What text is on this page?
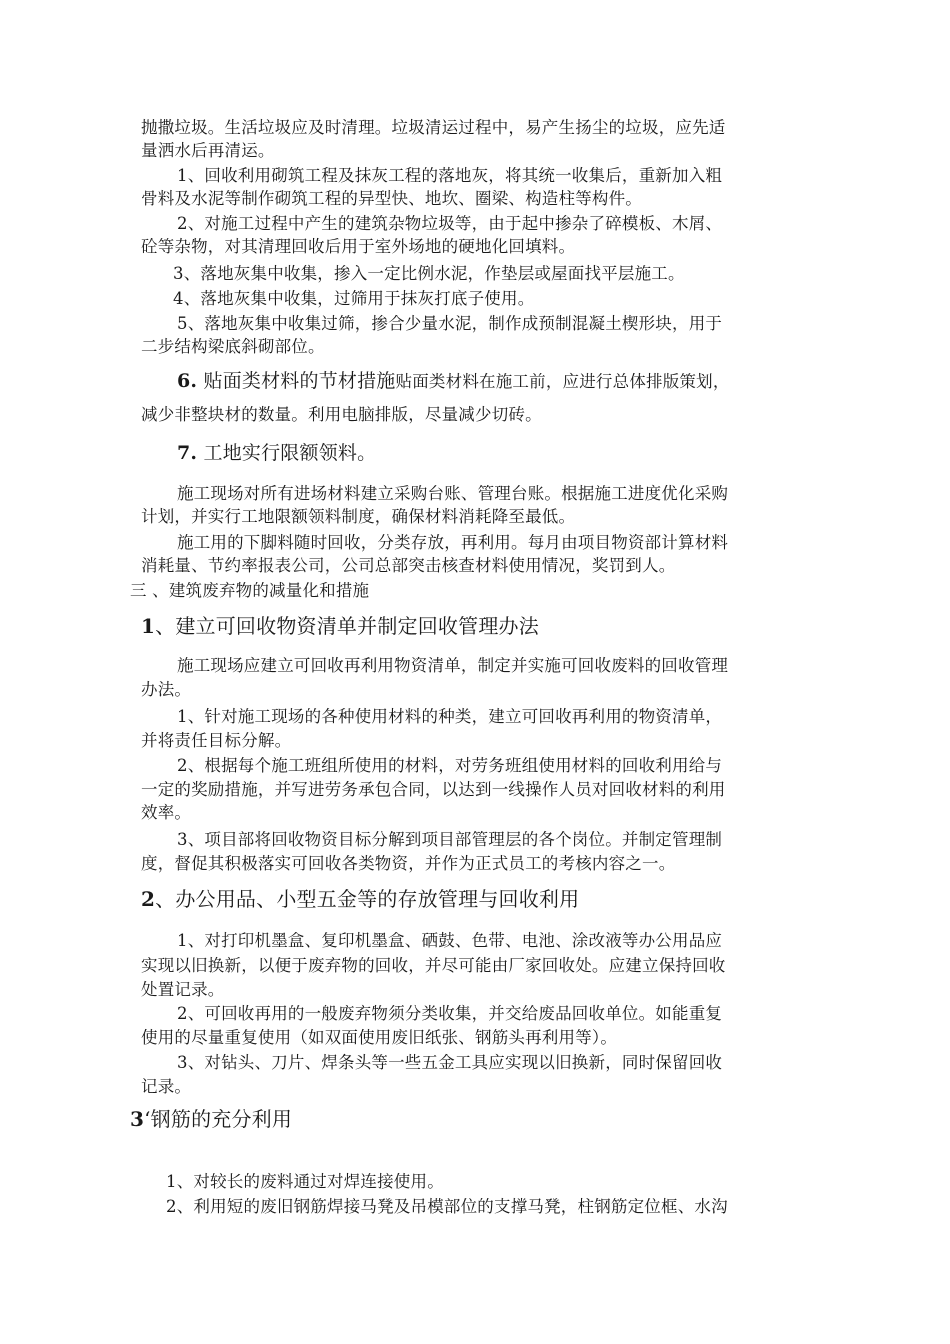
抛撒垃圾。生活垃圾应及时清理。垃圾清运过程中，易产生扬尘的垃圾，应先适
量洒水后再清运。
1、回收利用砌筑工程及抹灰工程的落地灰，将其统一收集后，重新加入粗
骨料及水泥等制作砌筑工程的异型快、地坎、圈梁、构造柱等构件。
2、对施工过程中产生的建筑杂物垃圾等，由于起中掺杂了碎模板、木屑、
砼等杂物，对其清理回收后用于室外场地的硬地化回填料。
3、落地灰集中收集，掺入一定比例水泥，作垫层或屋面找平层施工。
4、落地灰集中收集，过筛用于抹灰打底子使用。
5、落地灰集中收集过筛，掺合少量水泥，制作成预制混凝土楔形块，用于
二步结构梁底斜砌部位。
6. 贴面类材料的节材措施贴面类材料在施工前，应进行总体排版策划，
减少非整块材的数量。利用电脑排版，尽量减少切砖。
7. 工地实行限额领料。
施工现场对所有进场材料建立采购台账、管理台账。根据施工进度优化采购
计划，并实行工地限额领料制度，确保材料消耗降至最低。
施工用的下脚料随时回收，分类存放，再利用。每月由项目物资部计算材料
消耗量、节约率报表公司，公司总部突击核查材料使用情况，奖罚到人。
三 、建筑废弃物的减量化和措施
1、建立可回收物资清单并制定回收管理办法
施工现场应建立可回收再利用物资清单，制定并实施可回收废料的回收管理
办法。
1、针对施工现场的各种使用材料的种类，建立可回收再利用的物资清单，
并将责任目标分解。
2、根据每个施工班组所使用的材料，对劳务班组使用材料的回收利用给与
一定的奖励措施，并写进劳务承包合同，以达到一线操作人员对回收材料的利用
效率。
3、项目部将回收物资目标分解到项目部管理层的各个岗位。并制定管理制
度，督促其积极落实可回收各类物资，并作为正式员工的考核内容之一。
2、办公用品、小型五金等的存放管理与回收利用
1、对打印机墨盒、复印机墨盒、硒鼓、色带、电池、涂改液等办公用品应
实现以旧换新，以便于废弃物的回收，并尽可能由厂家回收处。应建立保持回收
处置记录。
2、可回收再用的一般废弃物须分类收集，并交给废品回收单位。如能重复
使用的尽量重复使用（如双面使用废旧纸张、钢筋头再利用等）。
3、对钻头、刀片、焊条头等一些五金工具应实现以旧换新，同时保留回收
记录。
3‘钢筋的充分利用
1、对较长的废料通过对焊连接使用。
2、利用短的废旧钢筋焊接马凳及吊模部位的支撑马凳，柱钢筋定位框、水沟
